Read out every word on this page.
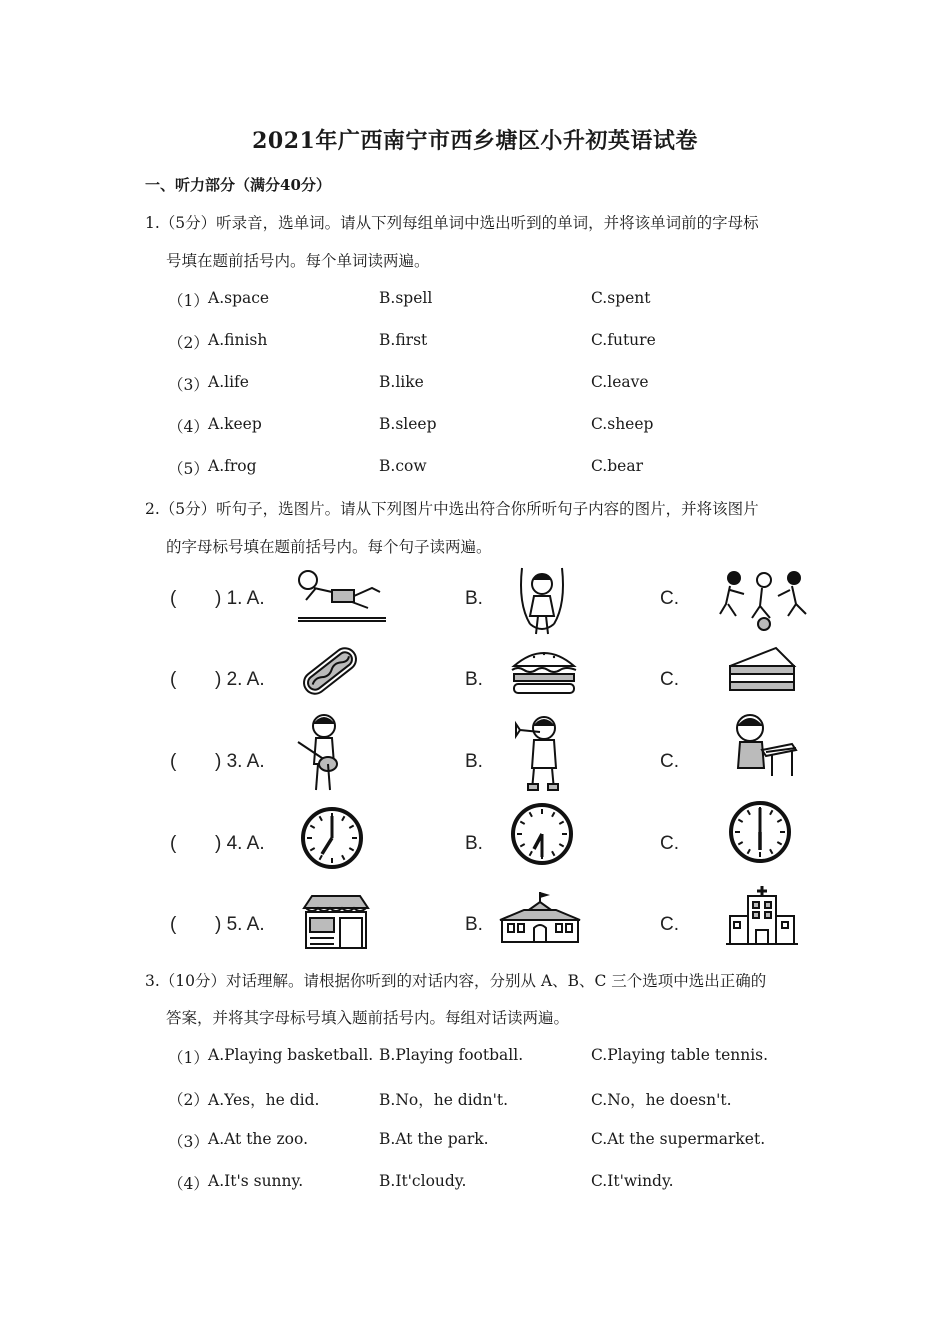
2021年广西南宁市西乡塘区小升初英语试卷
一、听力部分（满分40分）
1.（5分）听录音，选单词。请从下列每组单词中选出听到的单词，并将该单词前的字母标
号填在题前括号内。每个单词读两遍。
（1） A.space	B.spell	C.spent
（2） A.finish	B.first	C.future
（3） A.life	B.like	C.leave
（4） A.keep	B.sleep	C.sheep
（5） A.frog	B.cow	C.bear
2.（5分）听句子，选图片。请从下列图片中选出符合你所听句子内容的图片，并将该图片
的字母标号填在题前括号内。每个句子读两遍。
( ) 1. A.	B.	C.
( ) 2. A.	B.	C.
( ) 3. A.	B.	C.
( ) 4. A.	B.	C.
( ) 5. A.	B.	C.
3.（10分）对话理解。请根据你听到的对话内容，分别从 A、B、C 三个选项中选出正确的
答案，并将其字母标号填入题前括号内。每组对话读两遍。
（1） A.Playing basketball. B.Playing football.	C.Playing table tennis.
（2） A.Yes，he did.	B.No，he didn't.	C.No，he doesn't.
（3） A.At the zoo.	B.At the park.	C.At the supermarket.
（4） A.It's sunny.	B.It'cloudy.	C.It'windy.
